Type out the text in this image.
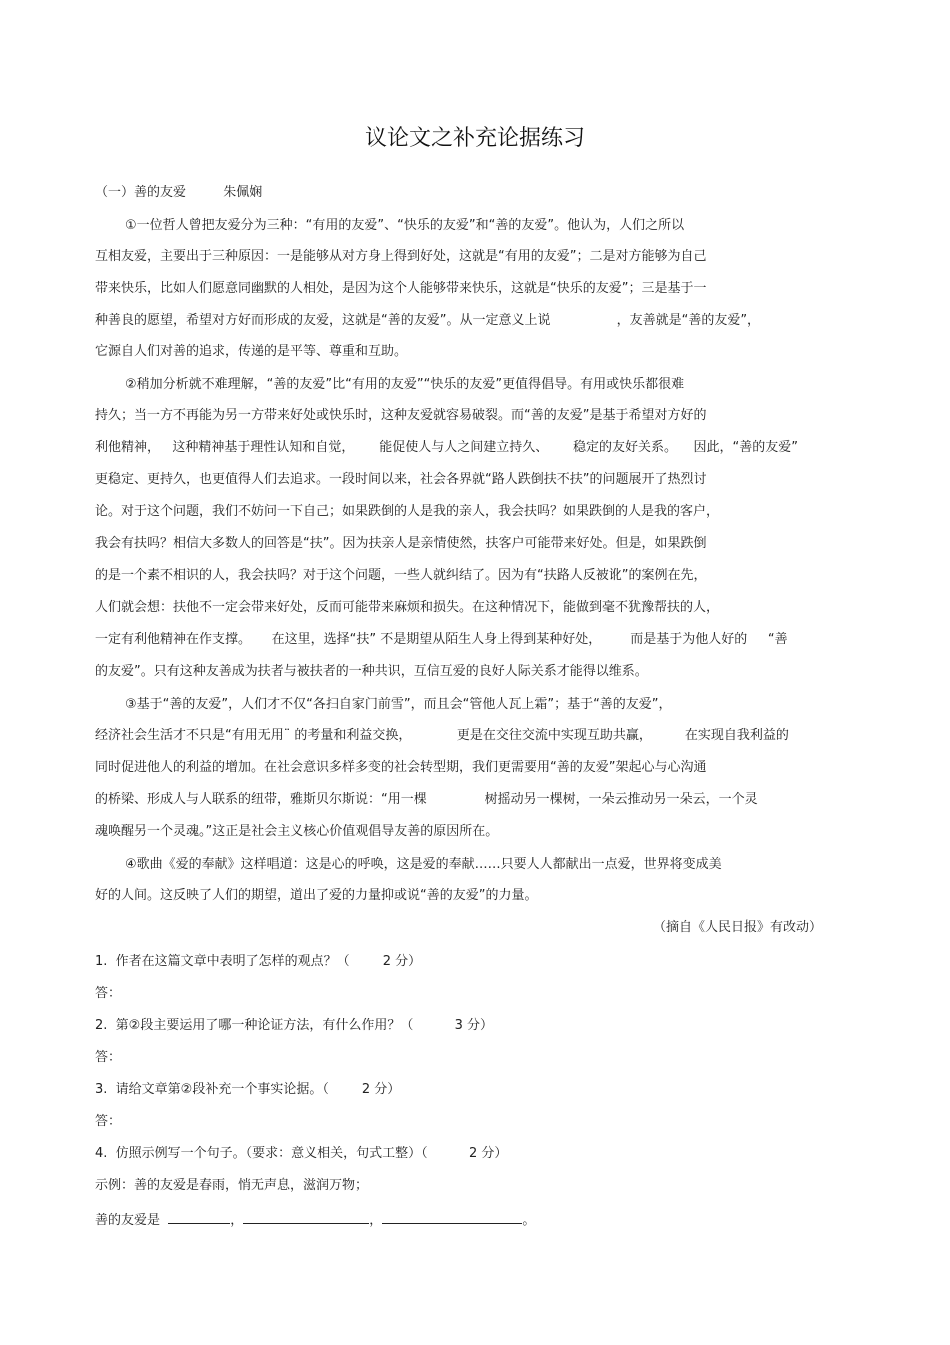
议论文之补充论据练习
（一）善的友爱	朱佩娴
①一位哲人曾把友爱分为三种：“有用的友爱”、“快乐的友爱”和“善的友爱”。他认为，人们之所以
互相友爱，主要出于三种原因：一是能够从对方身上得到好处，这就是“有用的友爱”；二是对方能够为自己
带来快乐，比如人们愿意同幽默的人相处，是因为这个人能够带来快乐，这就是“快乐的友爱”；三是基于一
种善良的愿望，希望对方好而形成的友爱，这就是“善的友爱”。从一定意义上说                ，友善就是“善的友爱”，
它源自人们对善的追求，传递的是平等、尊重和互助。
②稍加分析就不难理解，“善的友爱”比“有用的友爱”“快乐的友爱”更值得倡导。有用或快乐都很难
持久；当一方不再能为另一方带来好处或快乐时，这种友爱就容易破裂。而“善的友爱”是基于希望对方好的
利他精神，   这种精神基于理性认知和自觉，      能促使人与人之间建立持久、      稳定的友好关系。    因此，“善的友爱”
更稳定、更持久，也更值得人们去追求。一段时间以来，社会各界就“路人跌倒扶不扶”的问题展开了热烈讨
论。对于这个问题，我们不妨问一下自己；如果跌倒的人是我的亲人，我会扶吗？如果跌倒的人是我的客户，
我会有扶吗？相信大多数人的回答是“扶”。因为扶亲人是亲情使然，扶客户可能带来好处。但是，如果跌倒
的是一个素不相识的人，我会扶吗？对于这个问题，一些人就纠结了。因为有“扶路人反被讹”的案例在先，
人们就会想：扶他不一定会带来好处，反而可能带来麻烦和损失。在这种情况下，能做到毫不犹豫帮扶的人，
一定有利他精神在作支撑。     在这里，选择“扶” 不是期望从陌生人身上得到某种好处，       而是基于为他人好的     “善
的友爱”。只有这种友善成为扶者与被扶者的一种共识，互信互爱的良好人际关系才能得以维系。
③基于“善的友爱”，人们才不仅“各扫自家门前雪”，而且会“管他人瓦上霜”；基于“善的友爱”，
经济社会生活才不只是“有用无用¨ 的考量和利益交换，           更是在交往交流中实现互助共赢，        在实现自我利益的
同时促进他人的利益的增加。在社会意识多样多变的社会转型期，我们更需要用“善的友爱”架起心与心沟通
的桥梁、形成人与人联系的纽带，雅斯贝尔斯说：“用一棵              树摇动另一棵树，一朵云推动另一朵云，一个灵
魂唤醒另一个灵魂。”这正是社会主义核心价值观倡导友善的原因所在。
④歌曲《爱的奉献》这样唱道：这是心的呼唤，这是爱的奉献……只要人人都献出一点爱，世界将变成美
好的人间。这反映了人们的期望，道出了爱的力量抑或说“善的友爱”的力量。
（摘自《人民日报》有改动）
1.  作者在这篇文章中表明了怎样的观点？（        2 分）
答：
2.  第②段主要运用了哪一种论证方法，有什么作用？（          3 分）
答：
3.  请给文章第②段补充一个事实论据。（        2 分）
答：
4.  仿照示例写一个句子。（要求：意义相关，句式工整）（          2 分）
示例：善的友爱是春雨，悄无声息，滋润万物；
善的友爱是	，	，	。
